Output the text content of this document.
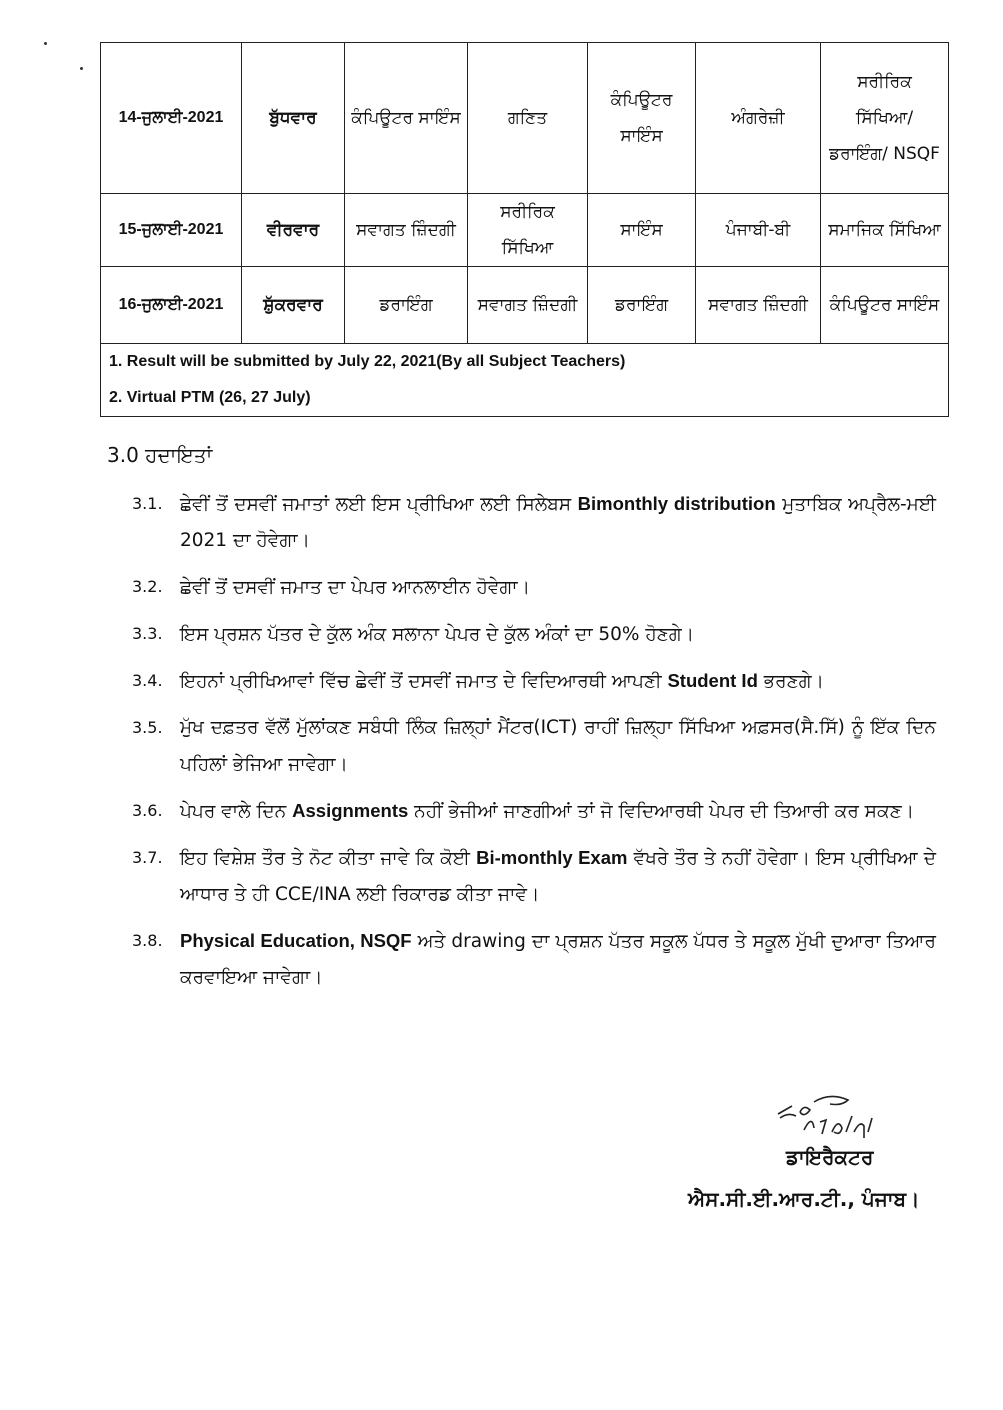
14-ਜੁਲਾਈ-2021	ਬੁੱਧਵਾਰ	ਕੰਪਿਊਟਰ ਸਾਇੰਸ	ਗਣਿਤ	ਕੰਪਿਊਟਰ ਸਾਇੰਸ	ਅੰਗਰੇਜ਼ੀ	ਸਰੀਰਿਕ ਸਿੱਖਿਆ/ ਡਰਾਇੰਗ/ NSQF
15-ਜੁਲਾਈ-2021	ਵੀਰਵਾਰ	ਸਵਾਗਤ ਜ਼ਿੰਦਗੀ	ਸਰੀਰਿਕ ਸਿੱਖਿਆ	ਸਾਇੰਸ	ਪੰਜਾਬੀ-ਬੀ	ਸਮਾਜਿਕ ਸਿੱਖਿਆ
16-ਜੁਲਾਈ-2021	ਸ਼ੁੱਕਰਵਾਰ	ਡਰਾਇੰਗ	ਸਵਾਗਤ ਜ਼ਿੰਦਗੀ	ਡਰਾਇੰਗ	ਸਵਾਗਤ ਜ਼ਿੰਦਗੀ	ਕੰਪਿਊਟਰ ਸਾਇੰਸ

1. Result will be submitted by July 22, 2021(By all Subject Teachers)
2. Virtual PTM (26, 27 July)						
3.0 ਹਦਾਇਤਾਂ
3.1. ਛੇਵੀਂ ਤੋਂ ਦਸਵੀਂ ਜਮਾਤਾਂ ਲਈ ਇਸ ਪ੍ਰੀਖਿਆ ਲਈ ਸਿਲੇਬਸ Bimonthly distribution ਮੁਤਾਬਿਕ ਅਪ੍ਰੈਲ-ਮਈ 2021 ਦਾ ਹੋਵੇਗਾ।
3.2. ਛੇਵੀਂ ਤੋਂ ਦਸਵੀਂ ਜਮਾਤ ਦਾ ਪੇਪਰ ਆਨਲਾਈਨ ਹੋਵੇਗਾ।
3.3. ਇਸ ਪ੍ਰਸ਼ਨ ਪੱਤਰ ਦੇ ਕੁੱਲ ਅੰਕ ਸਲਾਨਾ ਪੇਪਰ ਦੇ ਕੁੱਲ ਅੰਕਾਂ ਦਾ 50% ਹੋਣਗੇ।
3.4. ਇਹਨਾਂ ਪ੍ਰੀਖਿਆਵਾਂ ਵਿੱਚ ਛੇਵੀਂ ਤੋਂ ਦਸਵੀਂ ਜਮਾਤ ਦੇ ਵਿਦਿਆਰਥੀ ਆਪਣੀ Student Id ਭਰਣਗੇ।
3.5. ਮੁੱਖ ਦਫ਼ਤਰ ਵੱਲੋਂ ਮੁੱਲਾਂਕਣ ਸਬੰਧੀ ਲਿੰਕ ਜ਼ਿਲ੍ਹਾਂ ਮੈਂਟਰ(ICT) ਰਾਹੀਂ ਜ਼ਿਲ੍ਹਾ ਸਿੱਖਿਆ ਅਫ਼ਸਰ(ਸੈ.ਸਿੱ) ਨੂੰ ਇੱਕ ਦਿਨ ਪਹਿਲਾਂ ਭੇਜਿਆ ਜਾਵੇਗਾ।
3.6. ਪੇਪਰ ਵਾਲੇ ਦਿਨ Assignments ਨਹੀਂ ਭੇਜੀਆਂ ਜਾਣਗੀਆਂ ਤਾਂ ਜੋ ਵਿਦਿਆਰਥੀ ਪੇਪਰ ਦੀ ਤਿਆਰੀ ਕਰ ਸਕਣ।
3.7. ਇਹ ਵਿਸ਼ੇਸ਼ ਤੌਰ ਤੇ ਨੋਟ ਕੀਤਾ ਜਾਵੇ ਕਿ ਕੋਈ Bi-monthly Exam ਵੱਖਰੇ ਤੌਰ ਤੇ ਨਹੀਂ ਹੋਵੇਗਾ। ਇਸ ਪ੍ਰੀਖਿਆ ਦੇ ਆਧਾਰ ਤੇ ਹੀ CCE/INA ਲਈ ਰਿਕਾਰਡ ਕੀਤਾ ਜਾਵੇ।
3.8. Physical Education, NSQF ਅਤੇ drawing ਦਾ ਪ੍ਰਸ਼ਨ ਪੱਤਰ ਸਕੂਲ ਪੱਧਰ ਤੇ ਸਕੂਲ ਮੁੱਖੀ ਦੁਆਰਾ ਤਿਆਰ ਕਰਵਾਇਆ ਜਾਵੇਗਾ।
ਡਾਇਰੈਕਟਰ
ਐਸ.ਸੀ.ਈ.ਆਰ.ਟੀ., ਪੰਜਾਬ।
